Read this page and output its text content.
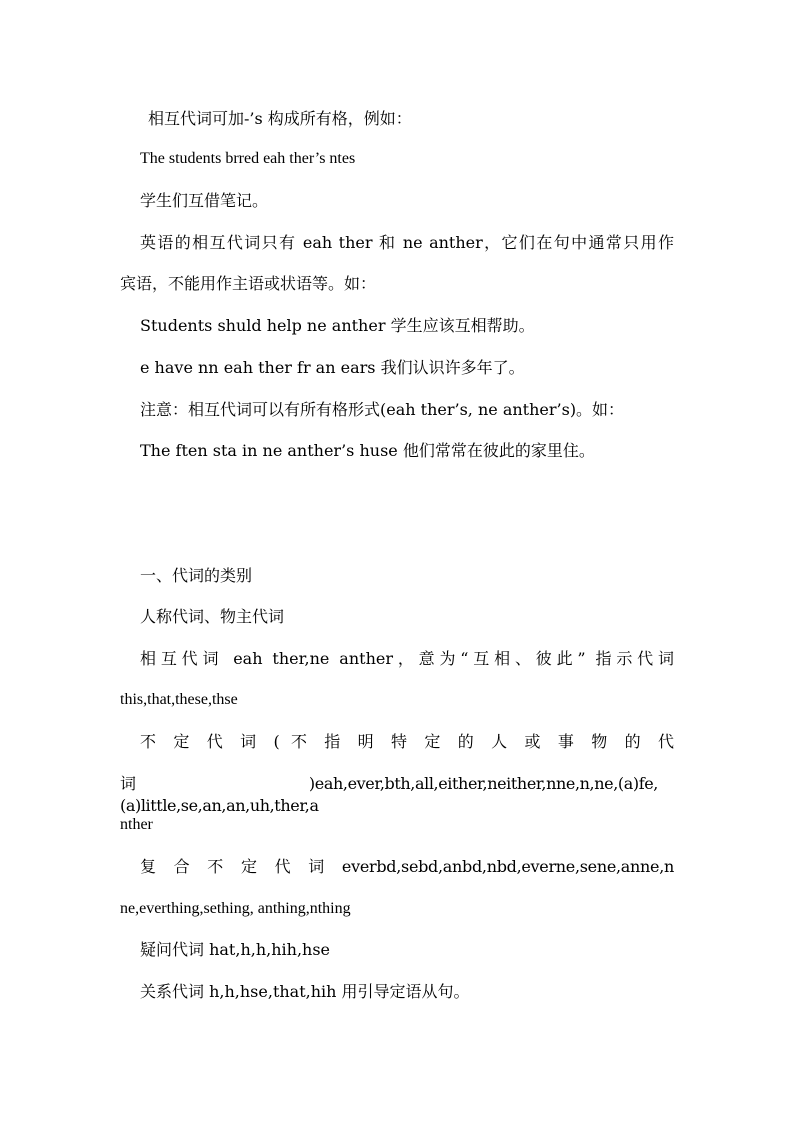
相互代词可加-’s 构成所有格，例如：
The students brred eah ther’s ntes
学生们互借笔记。
英语的相互代词只有 eah ther 和 ne anther，它们在句中通常只用作
宾语，不能用作主语或状语等。如：
Students shuld help ne anther 学生应该互相帮助。
e have nn eah ther fr an ears 我们认识许多年了。
注意：相互代词可以有所有格形式(eah ther’s, ne anther’s)。如：
The ften sta in ne anther’s huse 他们常常在彼此的家里住。
一、代词的类别
人称代词、物主代词
相互代词 eah ther,ne anther，意为“互相、彼此” 指示代词
this,that,these,thse
不 定 代 词 ( 不 指 明 特 定 的 人 或 事 物 的 代
词 )eah,ever,bth,all,either,neither,nne,n,ne,(a)fe,(a)little,se,an,an,uh,ther,a
nther
复 合 不 定 代 词 everbd,sebd,anbd,nbd,everne,sene,anne,n
ne,everthing,sething, anthing,nthing
疑问代词 hat,h,h,hih,hse
关系代词 h,h,hse,that,hih 用引导定语从句。
